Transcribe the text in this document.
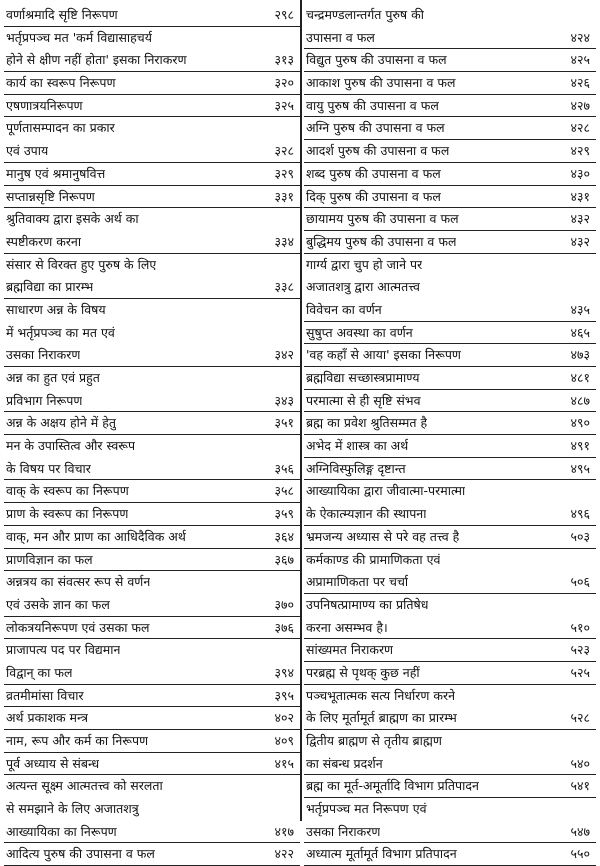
वर्णाश्रमादि सृष्टि निरूपण	२९८
भर्तृप्रपञ्च मत 'कर्म विद्यासाहचर्य
होने से क्षीण नहीं होता' इसका निराकरण	३१३
कार्य का स्वरूप निरूपण	३२०
एषणात्रयनिरूपण	३२५
पूर्णतासम्पादन का प्रकार
एवं उपाय	३२८
मानुष एवं श्रमानुषवित्त	३२९
सप्तान्नसृष्टि निरूपण	३३१
श्रुतिवाक्य द्वारा इसके अर्थ का
स्पष्टीकरण करना	३३४
संसार से विरक्त हुए पुरुष के लिए
ब्रह्मविद्या का प्रारम्भ	३३८
साधारण अन्न के विषय
में भर्तृप्रपञ्च का मत एवं
उसका निराकरण	३४२
अन्न का हुत एवं प्रहुत
प्रविभाग निरूपण	३४३
अन्न के अक्षय होने में हेतु	३५१
मन के उपास्तित्व और स्वरूप
के विषय पर विचार	३५६
वाक् के स्वरूप का निरूपण	३५८
प्राण के स्वरूप का निरूपण	३५९
वाक्, मन और प्राण का आधिदैविक अर्थ	३६४
प्राणविज्ञान का फल	३६७
अन्नत्रय का संवत्सर रूप से वर्णन
एवं उसके ज्ञान का फल	३७०
लोकत्रयनिरूपण एवं उसका फल	३७६
प्राजापत्य पद पर विद्यमान
विद्वान् का फल	३९४
व्रतमीमांसा विचार	३९५
अर्थ प्रकाशक मन्त्र	४०२
नाम, रूप और कर्म का निरूपण	४०९
पूर्व अध्याय से संबन्ध	४१५
अत्यन्त सूक्ष्म आत्मतत्त्व को सरलता
से समझाने के लिए अजातशत्रु
आख्यायिका का निरूपण	४१७
आदित्य पुरुष की उपासना व फल	४२२
चन्द्रमण्डलान्तर्गत पुरुष की
उपासना व फल	४२४
विद्युत पुरुष की उपासना व फल	४२५
आकाश पुरुष की उपासना व फल	४२६
वायु पुरुष की उपासना व फल	४२७
अग्नि पुरुष की उपासना व फल	४२८
आदर्श पुरुष की उपासना व फल	४२९
शब्द पुरुष की उपासना व फल	४३०
दिक् पुरुष की उपासना व फल	४३१
छायामय पुरुष की उपासना व फल	४३२
बुद्धिमय पुरुष की उपासना व फल	४३२
गार्ग्य द्वारा चुप हो जाने पर
अजातशत्रु द्वारा आत्मतत्त्व
विवेचन का वर्णन	४३५
सुषुप्त अवस्था का वर्णन	४६५
'वह कहाँ से आया' इसका निरूपण	४७३
ब्रह्मविद्या सच्छास्त्रप्रामाण्य	४८१
परमात्मा से ही सृष्टि संभव	४८७
ब्रह्म का प्रवेश श्रुतिसम्मत है	४९०
अभेद में शास्त्र का अर्थ	४९१
अग्निविस्फुलिङ्ग दृष्टान्त	४९५
आख्यायिका द्वारा जीवात्मा-परमात्मा
के ऐकात्म्यज्ञान की स्थापना	४९६
भ्रमजन्य अध्यास से परे वह तत्त्व है	५०३
कर्मकाण्ड की प्रामाणिकता एवं
अप्रामाणिकता पर चर्चा	५०६
उपनिषत्प्रामाण्य का प्रतिषेध
करना असम्भव है।	५१०
सांख्यमत निराकरण	५२३
परब्रह्म से पृथक् कुछ नहीं	५२५
पञ्चभूतात्मक सत्य निर्धारण करने
के लिए मूर्तामूर्त ब्राह्मण का प्रारम्भ	५२८
द्वितीय ब्राह्मण से तृतीय ब्राह्मण
का संबन्ध प्रदर्शन	५४०
ब्रह्म का मूर्त-अमूर्तादि विभाग प्रतिपादन	५४१
भर्तृप्रपञ्च मत निरूपण एवं
उसका निराकरण	५४७
अध्यात्म मूर्तामूर्त विभाग प्रतिपादन	५५०
